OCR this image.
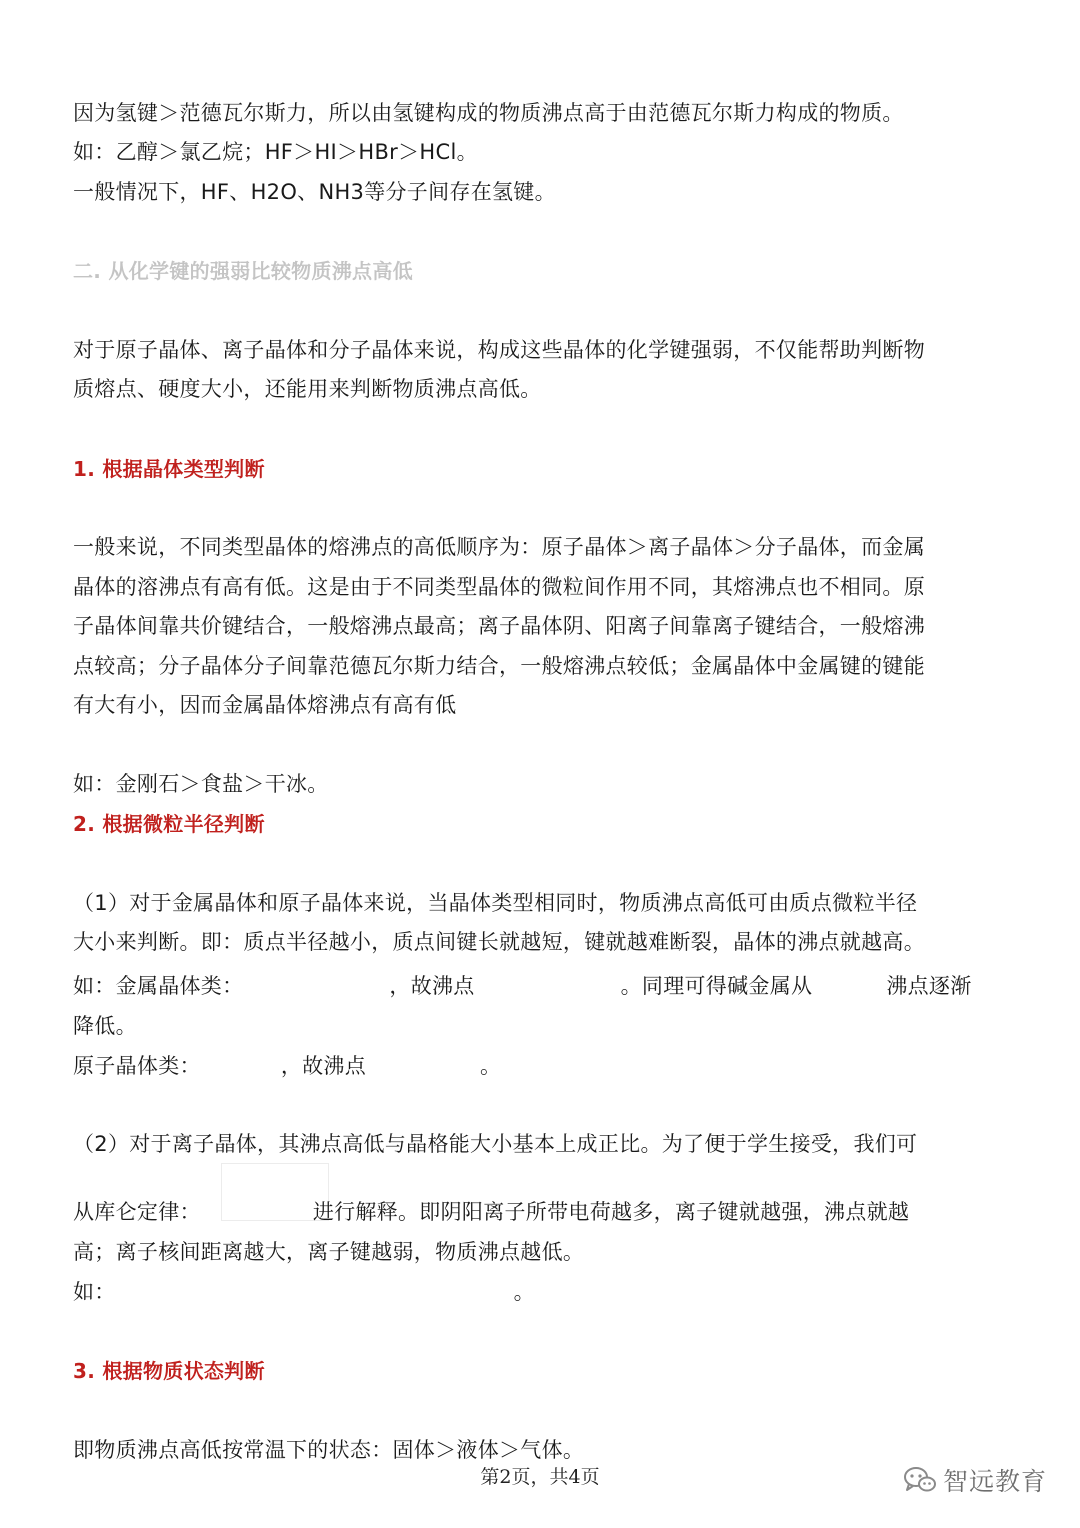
因为氢键＞范德瓦尔斯力，所以由氢键构成的物质沸点高于由范德瓦尔斯力构成的物质。

如：乙醇＞氯乙烷；HF＞HI＞HBr＞HCl。

一般情况下，HF、H2O、NH3等分子间存在氢键。

二. 从化学键的强弱比较物质沸点高低

对于原子晶体、离子晶体和分子晶体来说，构成这些晶体的化学键强弱，不仅能帮助判断物

质熔点、硬度大小，还能用来判断物质沸点高低。

1. 根据晶体类型判断

一般来说，不同类型晶体的熔沸点的高低顺序为：原子晶体＞离子晶体＞分子晶体，而金属

晶体的溶沸点有高有低。这是由于不同类型晶体的微粒间作用不同，其熔沸点也不相同。原

子晶体间靠共价键结合，一般熔沸点最高；离子晶体阴、阳离子间靠离子键结合，一般熔沸

点较高；分子晶体分子间靠范德瓦尔斯力结合，一般熔沸点较低；金属晶体中金属键的键能

有大有小，因而金属晶体熔沸点有高有低

如：金刚石＞食盐＞干冰。

2. 根据微粒半径判断

（1）对于金属晶体和原子晶体来说，当晶体类型相同时，物质沸点高低可由质点微粒半径

大小来判断。即：质点半径越小，质点间键长就越短，键就越难断裂，晶体的沸点就越高。

如：金属晶体类：	，故沸点	。同理可得碱金属从	沸点逐渐

降低。

原子晶体类：	，故沸点	。

（2）对于离子晶体，其沸点高低与晶格能大小基本上成正比。为了便于学生接受，我们可

从库仑定律：	进行解释。即阴阳离子所带电荷越多，离子键就越强，沸点就越

高；离子核间距离越大，离子键越弱，物质沸点越低。

如：	。

3. 根据物质状态判断

即物质沸点高低按常温下的状态：固体＞液体＞气体。

第2页，共4页	智远教育
